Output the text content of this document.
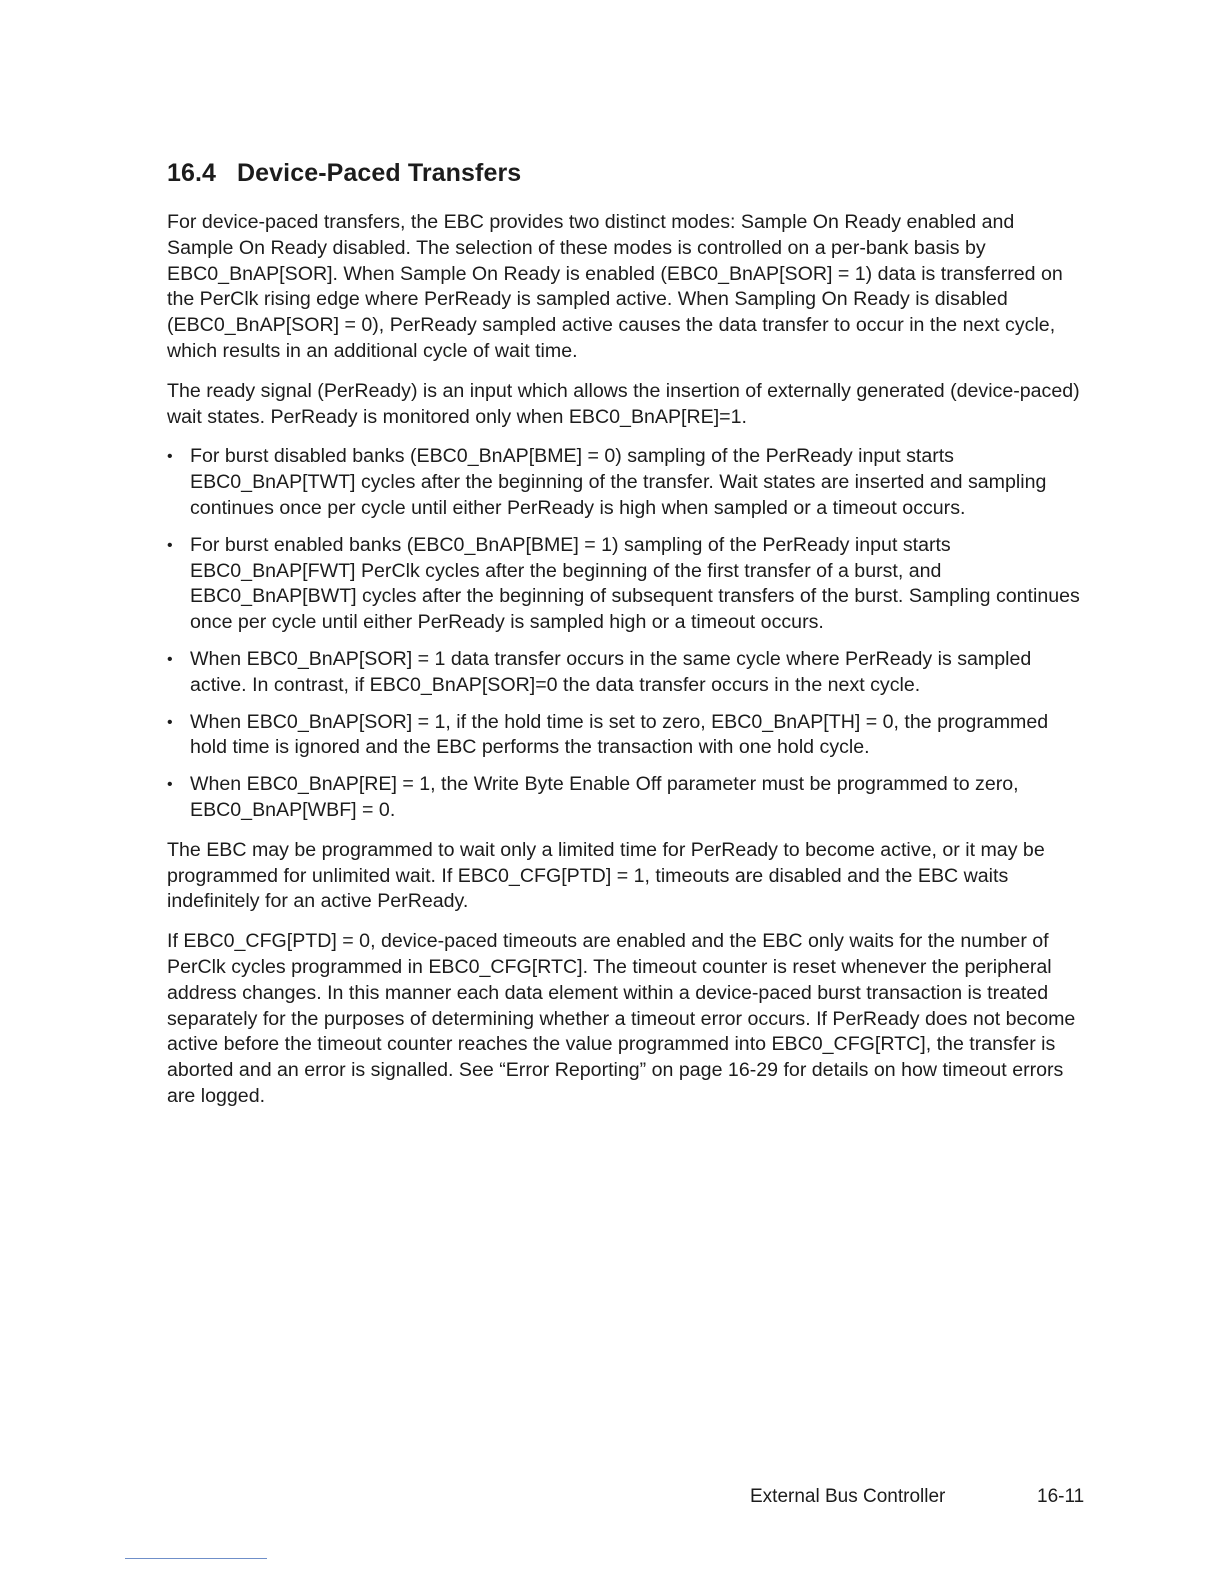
16.4 Device-Paced Transfers

For device-paced transfers, the EBC provides two distinct modes: Sample On Ready enabled and Sample On Ready disabled. The selection of these modes is controlled on a per-bank basis by EBC0_BnAP[SOR]. When Sample On Ready is enabled (EBC0_BnAP[SOR] = 1) data is transferred on the PerClk rising edge where PerReady is sampled active. When Sampling On Ready is disabled (EBC0_BnAP[SOR] = 0), PerReady sampled active causes the data transfer to occur in the next cycle, which results in an additional cycle of wait time.

The ready signal (PerReady) is an input which allows the insertion of externally generated (device-paced) wait states. PerReady is monitored only when EBC0_BnAP[RE]=1.

• For burst disabled banks (EBC0_BnAP[BME] = 0) sampling of the PerReady input starts EBC0_BnAP[TWT] cycles after the beginning of the transfer. Wait states are inserted and sampling continues once per cycle until either PerReady is high when sampled or a timeout occurs.
• For burst enabled banks (EBC0_BnAP[BME] = 1) sampling of the PerReady input starts EBC0_BnAP[FWT] PerClk cycles after the beginning of the first transfer of a burst, and EBC0_BnAP[BWT] cycles after the beginning of subsequent transfers of the burst. Sampling continues once per cycle until either PerReady is sampled high or a timeout occurs.
• When EBC0_BnAP[SOR] = 1 data transfer occurs in the same cycle where PerReady is sampled active. In contrast, if EBC0_BnAP[SOR]=0 the data transfer occurs in the next cycle.
• When EBC0_BnAP[SOR] = 1, if the hold time is set to zero, EBC0_BnAP[TH] = 0, the programmed hold time is ignored and the EBC performs the transaction with one hold cycle.
• When EBC0_BnAP[RE] = 1, the Write Byte Enable Off parameter must be programmed to zero, EBC0_BnAP[WBF] = 0.

The EBC may be programmed to wait only a limited time for PerReady to become active, or it may be programmed for unlimited wait. If EBC0_CFG[PTD] = 1, timeouts are disabled and the EBC waits indefinitely for an active PerReady.

If EBC0_CFG[PTD] = 0, device-paced timeouts are enabled and the EBC only waits for the number of PerClk cycles programmed in EBC0_CFG[RTC]. The timeout counter is reset whenever the peripheral address changes. In this manner each data element within a device-paced burst transaction is treated separately for the purposes of determining whether a timeout error occurs. If PerReady does not become active before the timeout counter reaches the value programmed into EBC0_CFG[RTC], the transfer is aborted and an error is signalled. See “Error Reporting” on page 16-29 for details on how timeout errors are logged.

External Bus Controller	16-11
